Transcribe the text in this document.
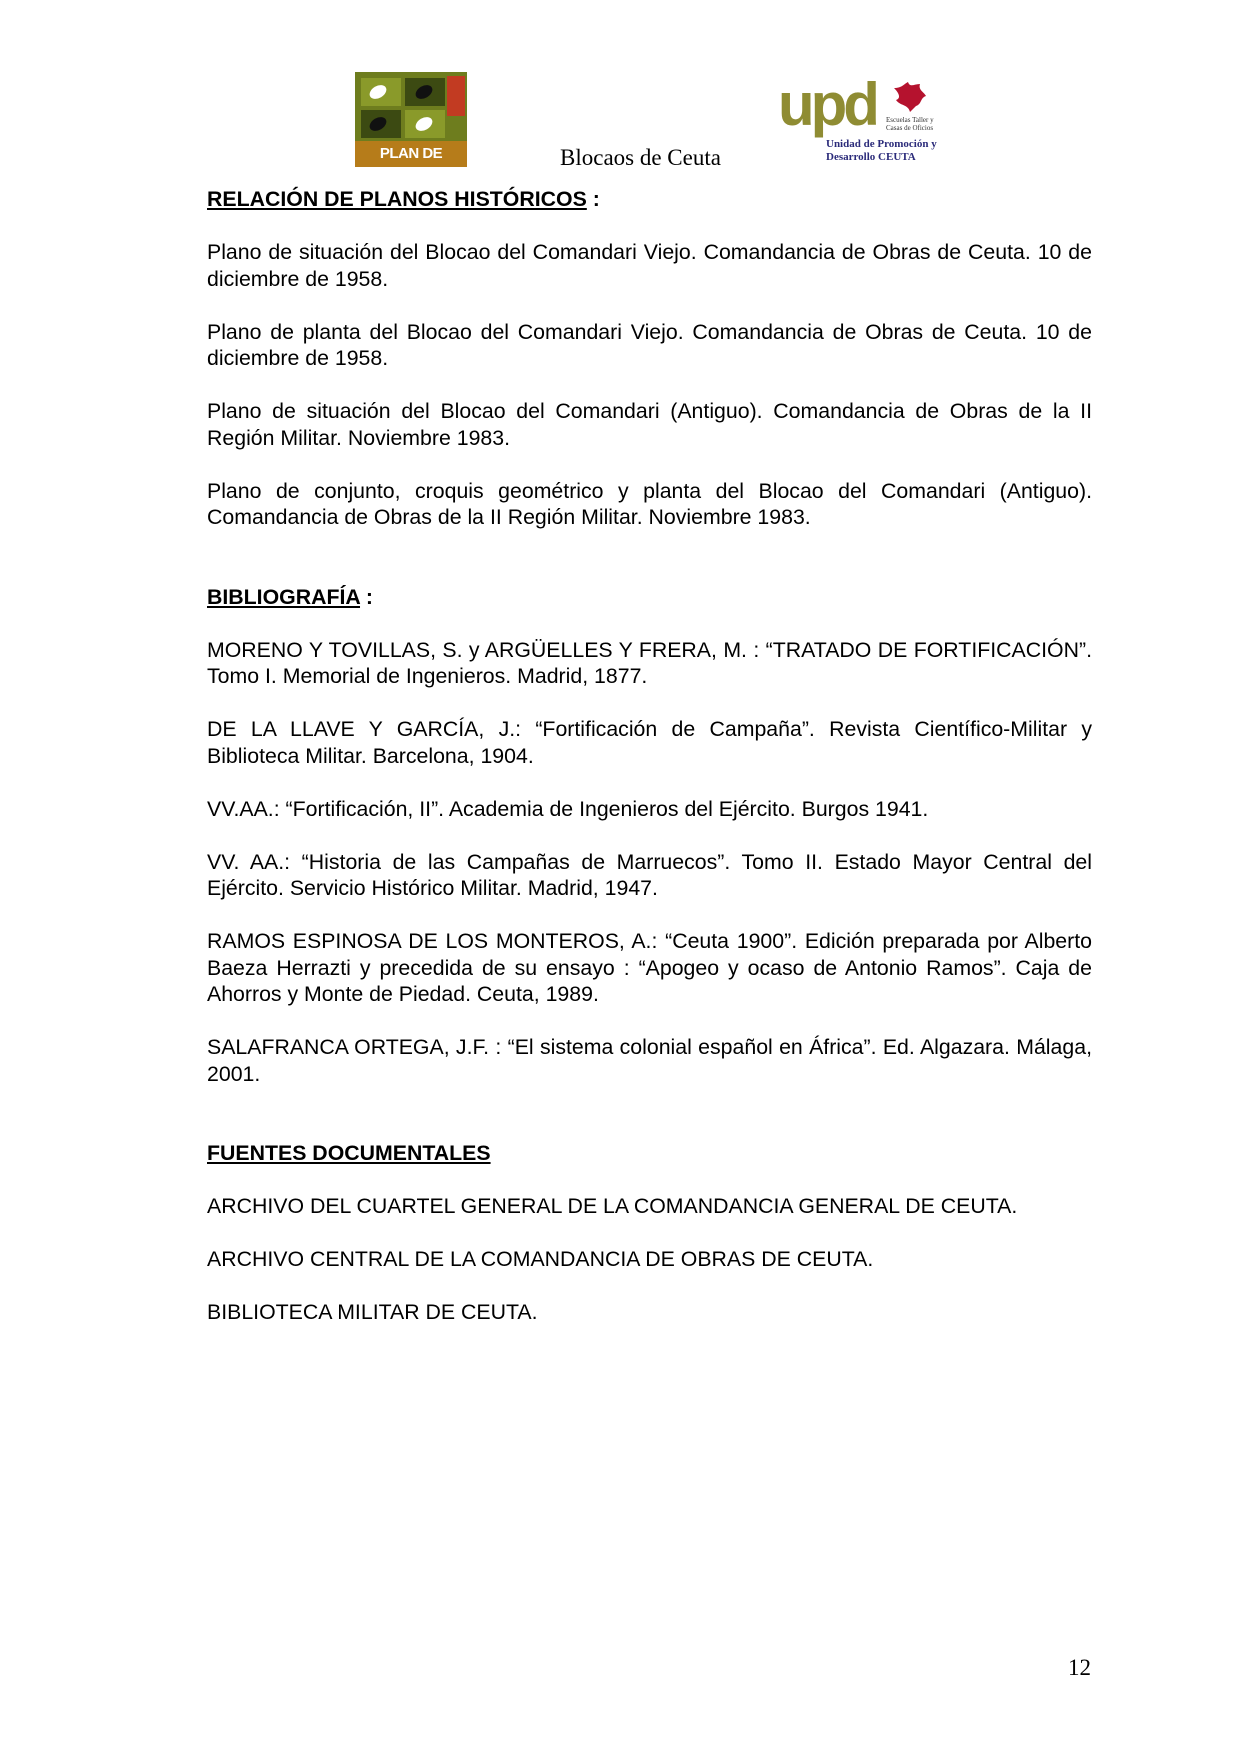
PLAN DE EMPLEO
Blocaos de Ceuta
upd Escuelas Taller y Casas de Oficios
Unidad de Promoción y Desarrollo CEUTA
RELACIÓN DE PLANOS HISTÓRICOS :

Plano de situación del Blocao del Comandari Viejo. Comandancia de Obras de Ceuta. 10 de diciembre de 1958.

Plano de planta del Blocao del Comandari Viejo. Comandancia de Obras de Ceuta. 10 de diciembre de 1958.

Plano de situación del Blocao del Comandari (Antiguo). Comandancia de Obras de la II Región Militar. Noviembre 1983.

Plano de conjunto, croquis geométrico y planta del Blocao del Comandari (Antiguo). Comandancia de Obras de la II Región Militar. Noviembre 1983.

BIBLIOGRAFÍA :

MORENO Y TOVILLAS, S. y ARGÜELLES Y FRERA, M. : “TRATADO DE FORTIFICACIÓN”. Tomo I. Memorial de Ingenieros. Madrid, 1877.

DE LA LLAVE Y GARCÍA, J.: “Fortificación de Campaña”. Revista Científico-Militar y Biblioteca Militar. Barcelona, 1904.

VV.AA.: “Fortificación, II”. Academia de Ingenieros del Ejército. Burgos 1941.

VV. AA.: “Historia de las Campañas de Marruecos”. Tomo II. Estado Mayor Central del Ejército. Servicio Histórico Militar. Madrid, 1947.

RAMOS ESPINOSA DE LOS MONTEROS, A.: “Ceuta 1900”. Edición preparada por Alberto Baeza Herrazti y precedida de su ensayo : “Apogeo y ocaso de Antonio Ramos”. Caja de Ahorros y Monte de Piedad. Ceuta, 1989.

SALAFRANCA ORTEGA, J.F. : “El sistema colonial español en África”. Ed. Algazara. Málaga, 2001.

FUENTES DOCUMENTALES

ARCHIVO DEL CUARTEL GENERAL DE LA COMANDANCIA GENERAL DE CEUTA.

ARCHIVO CENTRAL DE LA COMANDANCIA DE OBRAS DE CEUTA.

BIBLIOTECA MILITAR DE CEUTA.

12
